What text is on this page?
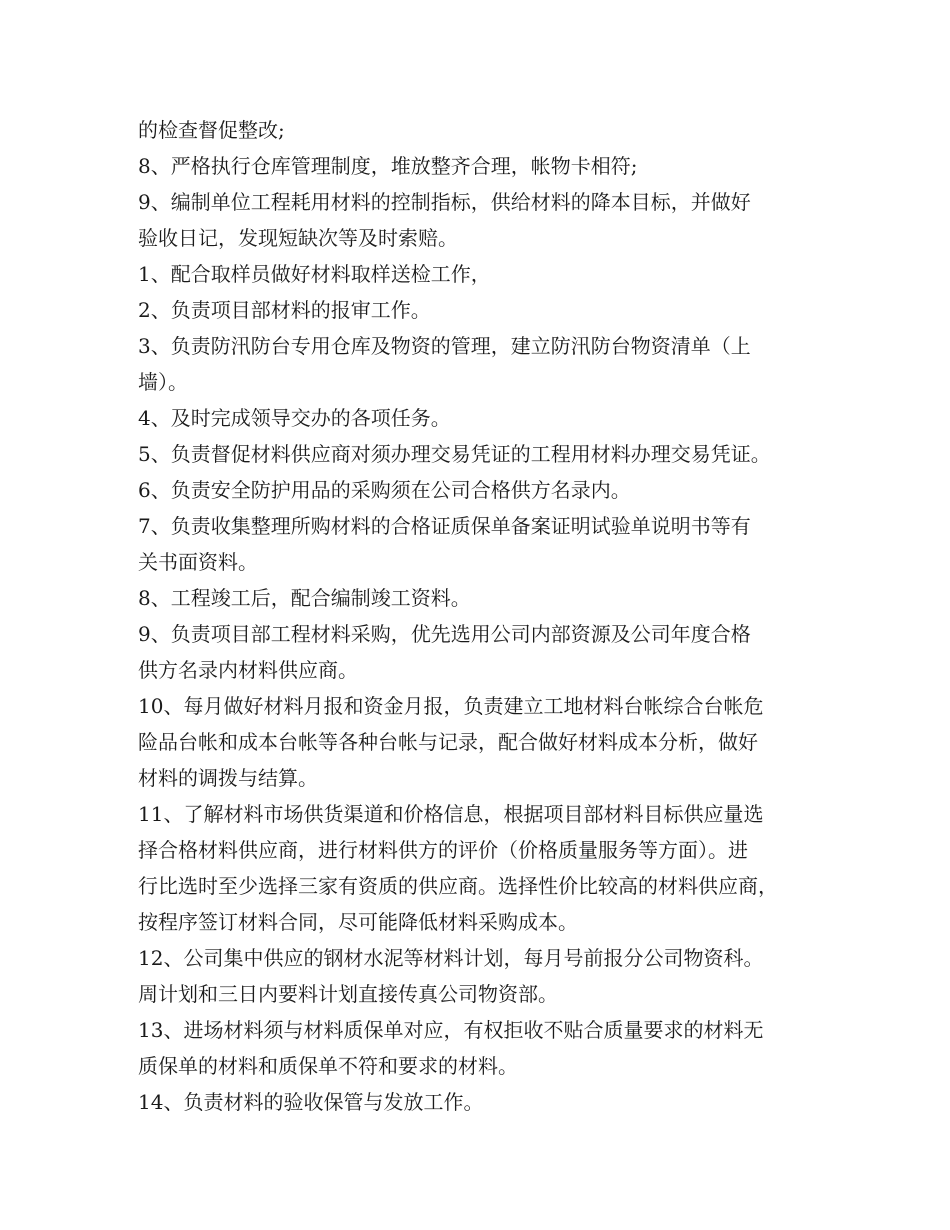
的检查督促整改;

8、严格执行仓库管理制度，堆放整齐合理，帐物卡相符;

9、编制单位工程耗用材料的控制指标，供给材料的降本目标，并做好
验收日记，发现短缺次等及时索赔。

1、配合取样员做好材料取样送检工作，

2、负责项目部材料的报审工作。

3、负责防汛防台专用仓库及物资的管理，建立防汛防台物资清单（上
墙）。

4、及时完成领导交办的各项任务。

5、负责督促材料供应商对须办理交易凭证的工程用材料办理交易凭证。

6、负责安全防护用品的采购须在公司合格供方名录内。

7、负责收集整理所购材料的合格证质保单备案证明试验单说明书等有
关书面资料。

8、工程竣工后，配合编制竣工资料。

9、负责项目部工程材料采购，优先选用公司内部资源及公司年度合格
供方名录内材料供应商。

10、每月做好材料月报和资金月报，负责建立工地材料台帐综合台帐危
险品台帐和成本台帐等各种台帐与记录，配合做好材料成本分析，做好
材料的调拨与结算。

11、了解材料市场供货渠道和价格信息，根据项目部材料目标供应量选
择合格材料供应商，进行材料供方的评价（价格质量服务等方面）。进
行比选时至少选择三家有资质的供应商。选择性价比较高的材料供应商，
按程序签订材料合同，尽可能降低材料采购成本。

12、公司集中供应的钢材水泥等材料计划，每月号前报分公司物资科。
周计划和三日内要料计划直接传真公司物资部。

13、进场材料须与材料质保单对应，有权拒收不贴合质量要求的材料无
质保单的材料和质保单不符和要求的材料。

14、负责材料的验收保管与发放工作。
